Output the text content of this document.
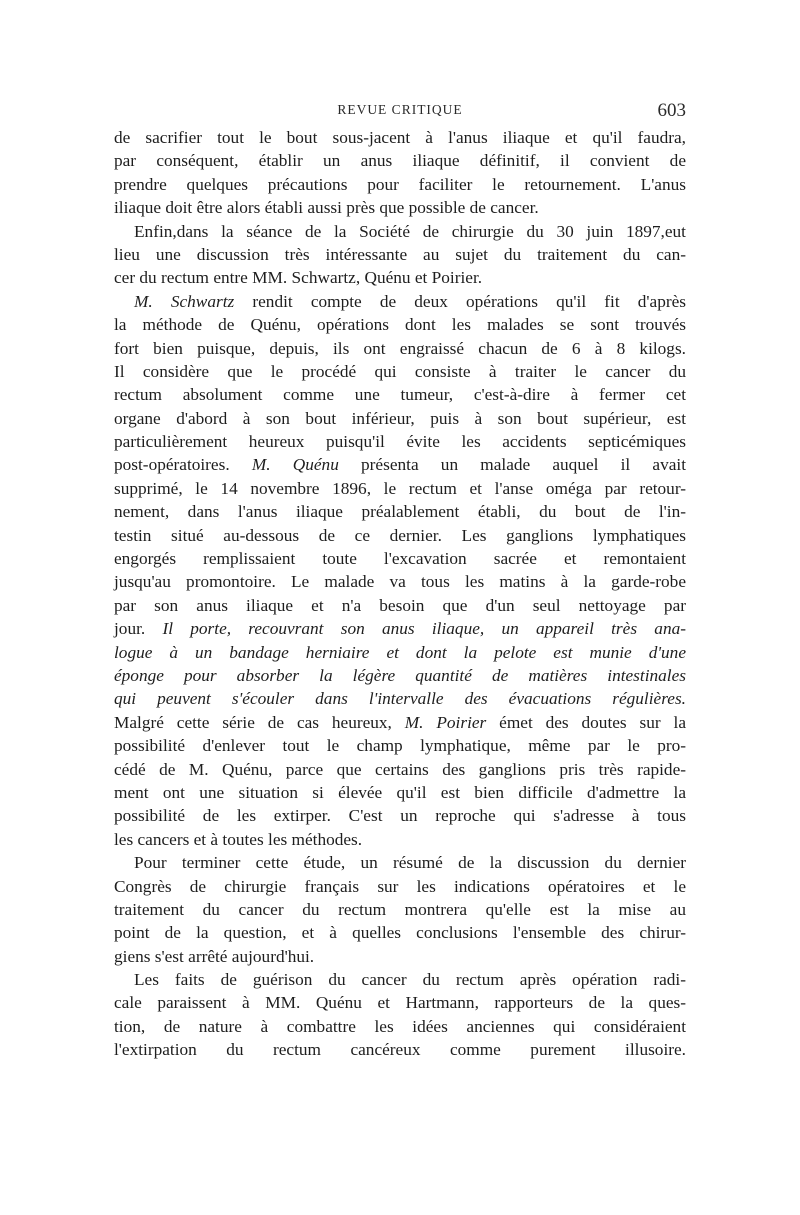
REVUE CRITIQUE	603
de sacrifier tout le bout sous-jacent à l'anus iliaque et qu'il faudra,
par conséquent, établir un anus iliaque définitif, il convient de
prendre quelques précautions pour faciliter le retournement. L'anus
iliaque doit être alors établi aussi près que possible de cancer.
Enfin,dans la séance de la Société de chirurgie du 30 juin 1897,eut
lieu une discussion très intéressante au sujet du traitement du can-
cer du rectum entre MM. Schwartz, Quénu et Poirier.
M. Schwartz rendit compte de deux opérations qu'il fit d'après
la méthode de Quénu, opérations dont les malades se sont trouvés
fort bien puisque, depuis, ils ont engraissé chacun de 6 à 8 kilogs.
Il considère que le procédé qui consiste à traiter le cancer du
rectum absolument comme une tumeur, c'est-à-dire à fermer cet
organe d'abord à son bout inférieur, puis à son bout supérieur, est
particulièrement heureux puisqu'il évite les accidents septicémiques
post-opératoires. M. Quénu présenta un malade auquel il avait
supprimé, le 14 novembre 1896, le rectum et l'anse oméga par retour-
nement, dans l'anus iliaque préalablement établi, du bout de l'in-
testin situé au-dessous de ce dernier. Les ganglions lymphatiques
engorgés remplissaient toute l'excavation sacrée et remontaient
jusqu'au promontoire. Le malade va tous les matins à la garde-robe
par son anus iliaque et n'a besoin que d'un seul nettoyage par
jour. Il porte, recouvrant son anus iliaque, un appareil très ana-
logue à un bandage herniaire et dont la pelote est munie d'une
éponge pour absorber la légère quantité de matières intestinales
qui peuvent s'écouler dans l'intervalle des évacuations régulières.
Malgré cette série de cas heureux, M. Poirier émet des doutes sur la
possibilité d'enlever tout le champ lymphatique, même par le pro-
cédé de M. Quénu, parce que certains des ganglions pris très rapide-
ment ont une situation si élevée qu'il est bien difficile d'admettre la
possibilité de les extirper. C'est un reproche qui s'adresse à tous
les cancers et à toutes les méthodes.
Pour terminer cette étude, un résumé de la discussion du dernier
Congrès de chirurgie français sur les indications opératoires et le
traitement du cancer du rectum montrera qu'elle est la mise au
point de la question, et à quelles conclusions l'ensemble des chirur-
giens s'est arrêté aujourd'hui.
Les faits de guérison du cancer du rectum après opération radi-
cale paraissent à MM. Quénu et Hartmann, rapporteurs de la ques-
tion, de nature à combattre les idées anciennes qui considéraient
l'extirpation du rectum cancéreux comme purement illusoire.
